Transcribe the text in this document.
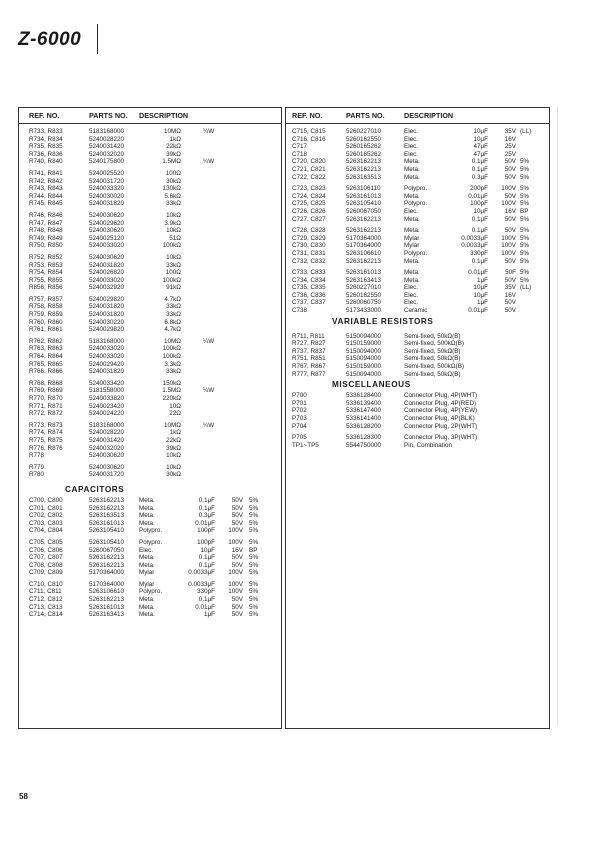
Z-6000
REF. NO.	PARTS NO. DESCRIPTION
R733, R833	5183168000	10MΩ	¼W
R734, R834	5240028220	1kΩ
R735, R835	5240031420	22kΩ
R736, R836	5240032020	39kΩ
R740, R840	5240175800	1.5MΩ	¼W
R741, R841	5240025520	100Ω
R742, R842	5240031720	30kΩ
R743, R843	5240033320	130kΩ
R744, R844	5240030020	5.6kΩ
R745, R845	5240031820	33kΩ
R746, R846	5240030620	10kΩ
R747, R847	5240029620	3.9kΩ
R748, R848	5240030620	10kΩ
R749, R849	5240025120	51Ω
R750, R850	5240033020	100kΩ
R752, R852	5240030620	10kΩ
R753, R853	5240031820	33kΩ
R754, R854	5240026820	100Ω
R755, R855	5240033020	100kΩ
R856, R856	5240032920	91kΩ
R757, R857	5240029820	4.7kΩ
R758, R858	5240031820	33kΩ
R759, R859	5240031820	33kΩ
R760, R860	5240030220	6.8kΩ
R761, R861	5240029820	4.7kΩ
R762, R862	5183168000	10MΩ	¼W
R763, R863	5240033020	100kΩ
R764, R864	5240033020	100kΩ
R765, R865	5240029420	3.3kΩ
R766, R866	5240031820	33kΩ
R768, R868	5240033420	150kΩ
R769, R869	5181558000	1.5MΩ	¼W
R770, R870	5240033820	220kΩ
R771, R871	5240023420	10Ω
R772, R872	5240024220	22Ω
R773, R873	5183168000	10MΩ	¼W
R774, R874	5240028220	1kΩ
R775, R875	5240031420	22kΩ
R776, R876	5240032020	39kΩ
R778	5240030620	10kΩ
R779	5240030620	10kΩ
R780	5240031720	30kΩ
CAPACITORS
C700, C800	5263162213 Meta.	0.1μF	50V 5%
C701, C801	5263162213 Meta.	0.1μF	50V 5%
C702, C802	5263163513 Meta.	0.3μF	50V 5%
C703, C803	5263161013 Meta.	0.01μF	50V 5%
C704, C804	5263105410 Polypro.	100pF	100V 5%
C705, C805	5263105410 Polypro.	100pF	100V 5%
C706, C806	5260067050 Elec.	10μF	16V BP
C707, C807	5263162213 Meta.	0.1μF	50V 5%
C708, C808	5263162213 Meta.	0.1μF	50V 5%
C709, C809	5170364000 Mylar	0.0033μF	100V 5%
C710, C810	5170364000 Mylar	0.0033μF	100V 5%
C711, C811	5263106610 Polypro.	330pF	100V 5%
C712, C812	5263162213 Meta.	0.1μF	50V 5%
C713, C813	5263161013 Meta.	0.01μF	50V 5%
C714, C814	5263163413 Meta.	1μF	50V 5%
REF. NO.	PARTS NO.	DESCRIPTION
C715, C815	5260227010	Elec.	10μF	35V (LL)
C716, C816	5260162550	Elec.	10μF	16V
C717	5260165262	Elec.	47μF	25V
C718	5260165262	Elec.	47μF	25V
C720, C820	5263162213	Meta.	0.1μF	50V 5%
C721, C821	5263162213	Meta.	0.1μF	50V 5%
C722, C822	5263163513	Meta.	0.3μF	50V 5%
C723, C823	5263106110	Polypro.	200pF	100V 5%
C724, C824	5263161013	Meta.	0.01μF	50V 5%
C725, C825	5263105410	Polypro.	100pF	100V 5%
C726, C826	5260067050	Elec.	10μF	16V BP
C727, C827	5263162213	Meta.	0.1μF	50V 5%
C728, C828	5263162213	Meta.	0.1μF	50V 5%
C729, C829	5170364000	Mylar	0.0033μF	100V 5%
C730, C830	5170364000	Mylar	0.0033μF	100V 5%
C731, C831	5263106610	Polypro.	330pF	100V 5%
C732, C832	5263162213	Meta.	0.1μF	50V 5%
C733, C833	5263161013	Meta.	0.01μF	50F 5%
C734, C834	5263163413	Meta.	1μF	50V 5%
C735, C835	5260227010	Elec.	10μF	35V (LL)
C736, C836	5260162550	Elec.	10μF	16V
C737, C837	5260060750	Elec.	1μF	50V
C738	5173433000	Ceramic	0.01μF	50V
VARIABLE RESISTORS
R711, R811	5150094000	Semi-fixed, 50kΩ(B)
R727, R827	5150159000	Semi-fixed, 500kΩ(B)
R737, R837	5150094000	Semi-fixed, 50kΩ(B)
R751, R851	5150094000	Semi-fixed, 50kΩ(B)
R767, R867	5150159000	Semi-fixed, 500kΩ(B)
R777, R877	5150094000	Semi-fixed, 50kΩ(B)
MISCELLANEOUS
P700	5336128400	Connector Plug, 4P(WHT)
P701	5336139400	Connector Plug, 4P(RED)
P702	5336147400	Connector Plug, 4P(YEW)
P703	5336141400	Connector Plug, 4P(BLK)
P704	5336128200	Connector Plug, 2P(WHT)
P705	5336128300	Connector Plug, 3P(WHT)
TP1~TP5	5544750000	Pin, Combination
58
